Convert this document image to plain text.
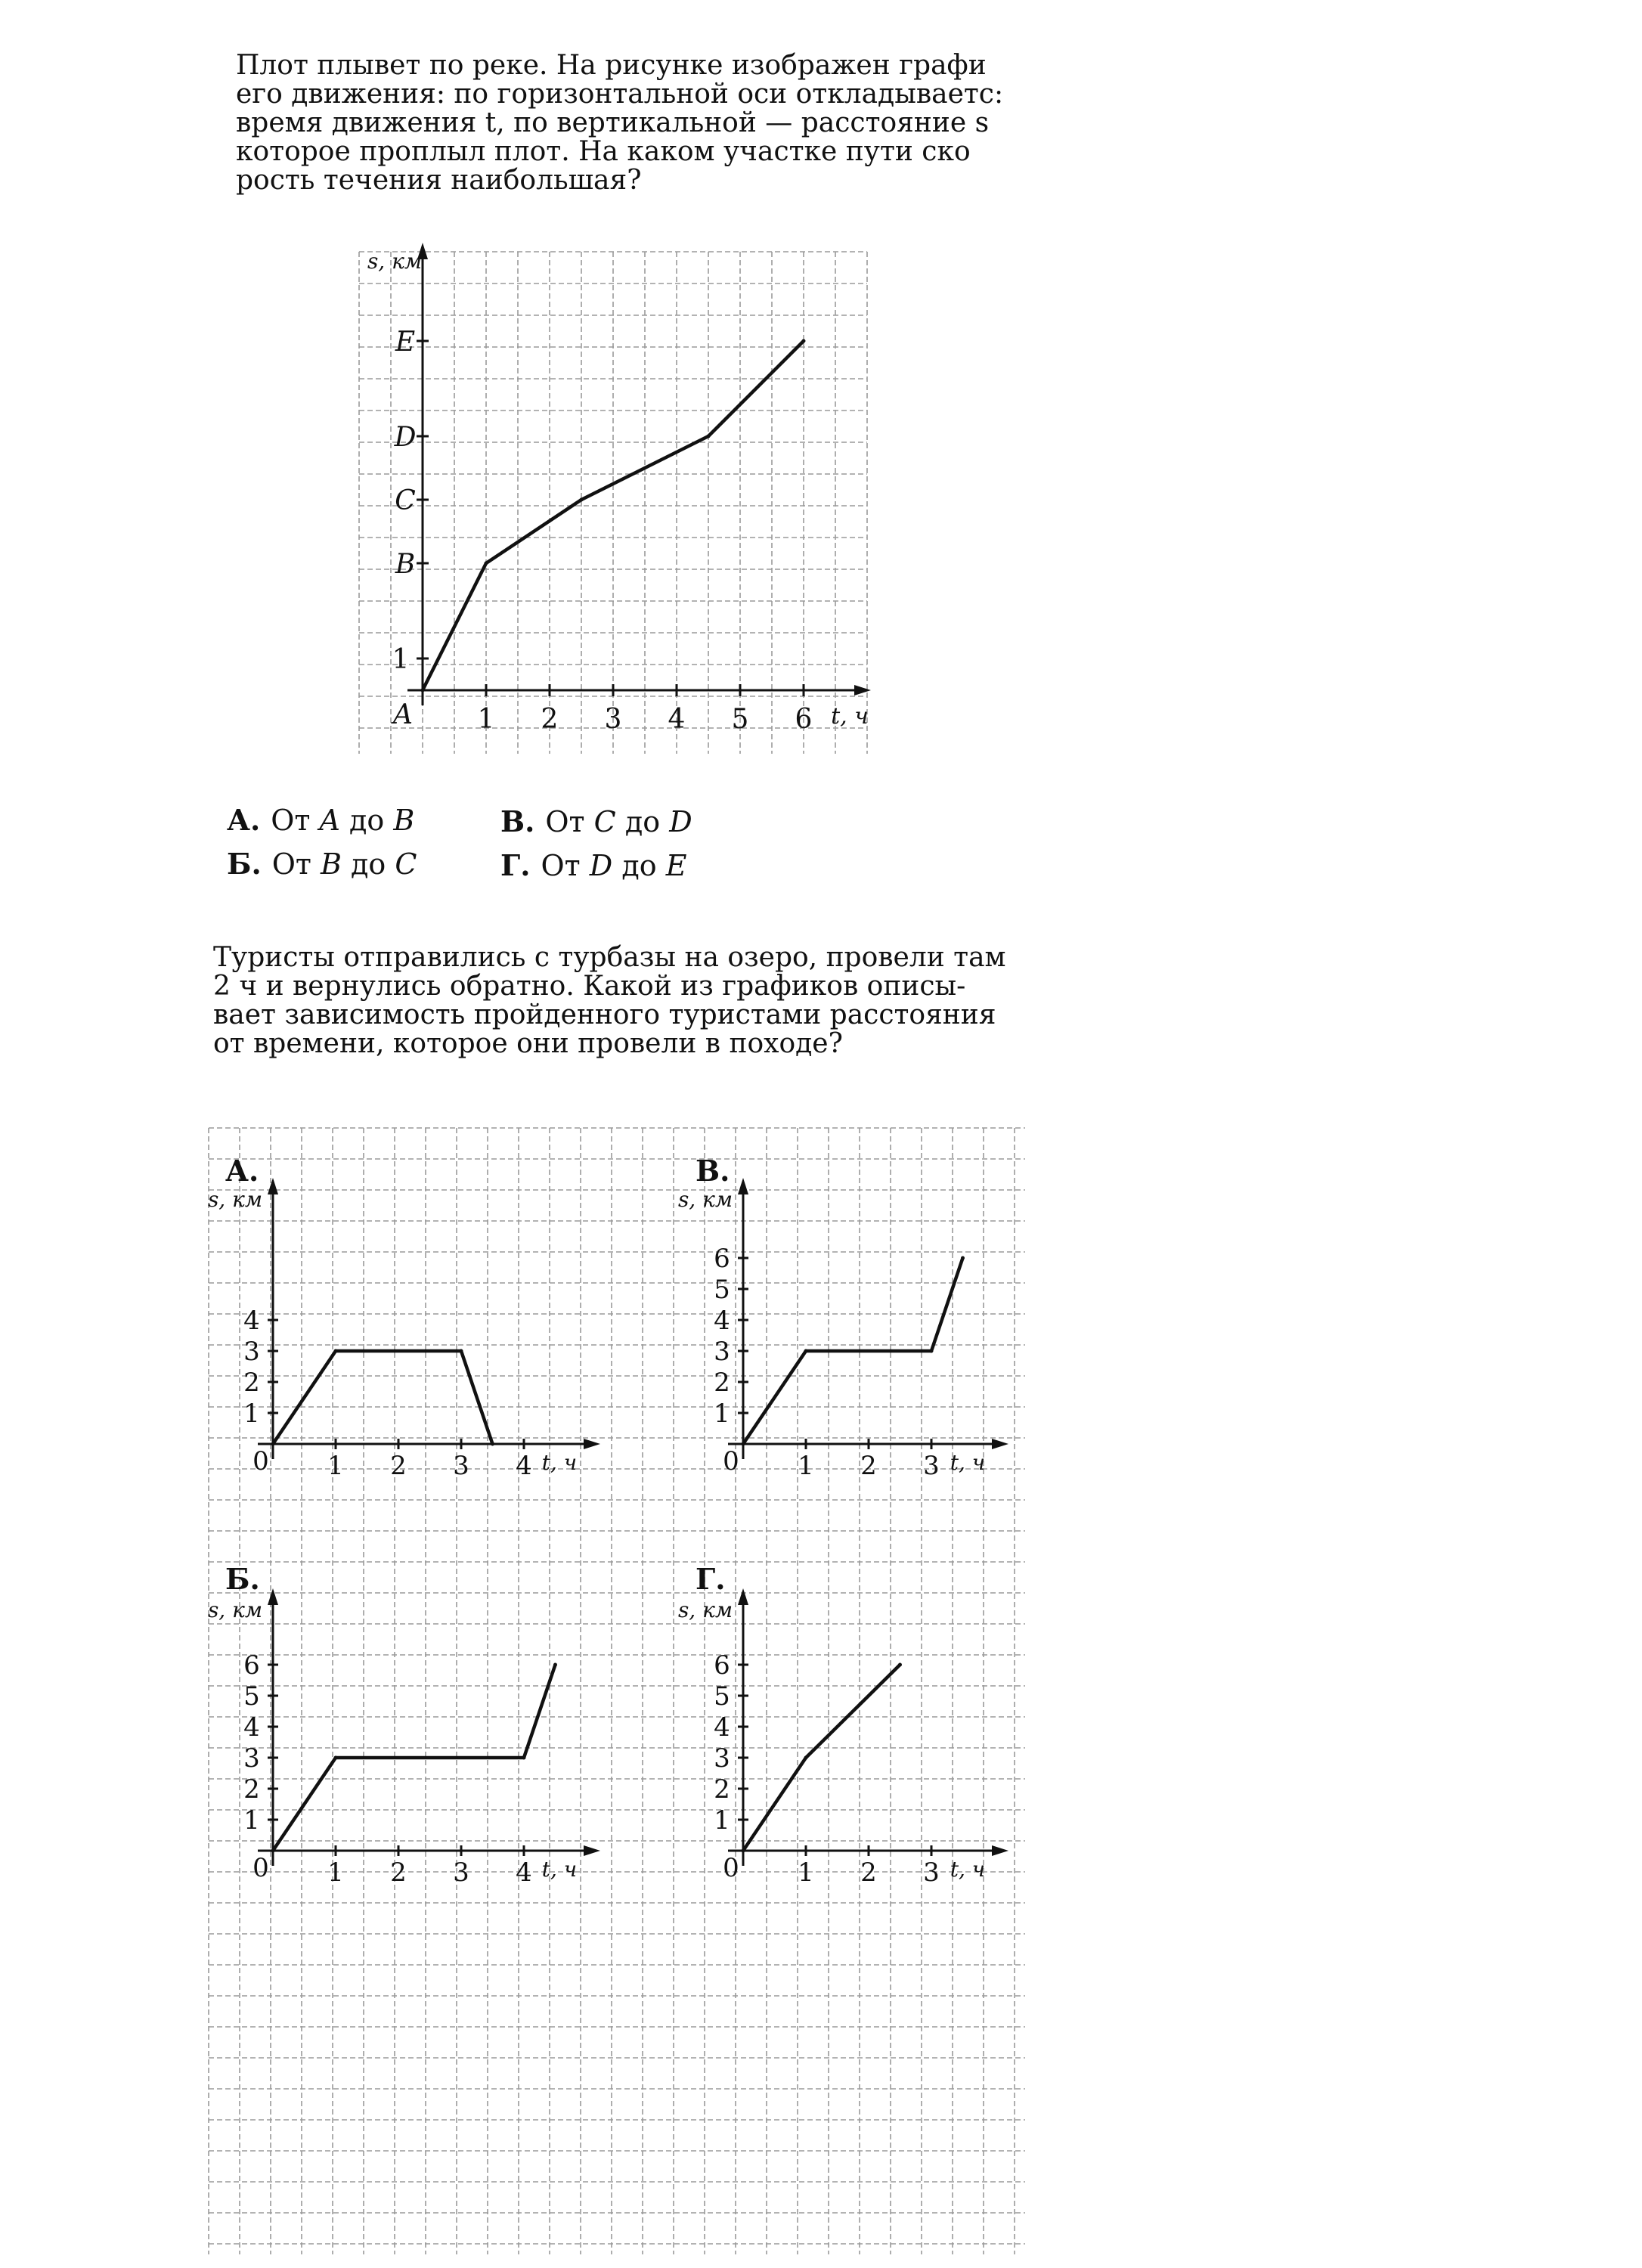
Плот плывет по реке. На рисунке изображен графи
его движения: по горизонтальной оси откладываетс:
время движения t, по вертикальной — расстояние s
которое проплыл плот. На каком участке пути ско
рость течения наибольшая?
А. От A до B
Б. От B до C
В. От C до D
Г. От D до E
Туристы отправились с турбазы на озеро, провели там
2 ч и вернулись обратно. Какой из графиков описы-
вает зависимость пройденного туристами расстояния
от времени, которое они провели в походе?
1 2 3 4 5 6
1
B
C
D
E
A	t, ч
s, км
А.
s, км
0 1 2 3 4 t, ч
1
2
3
4
В.
s, км
0 1 2 3 t, ч
1
2
3
4
5
6
Б.
s, км
0 1 2 3 4 t, ч
1
2
3
4
5
6
Г.
s, км
0 1 2 3 t, ч
1
2
3
4
5
6
